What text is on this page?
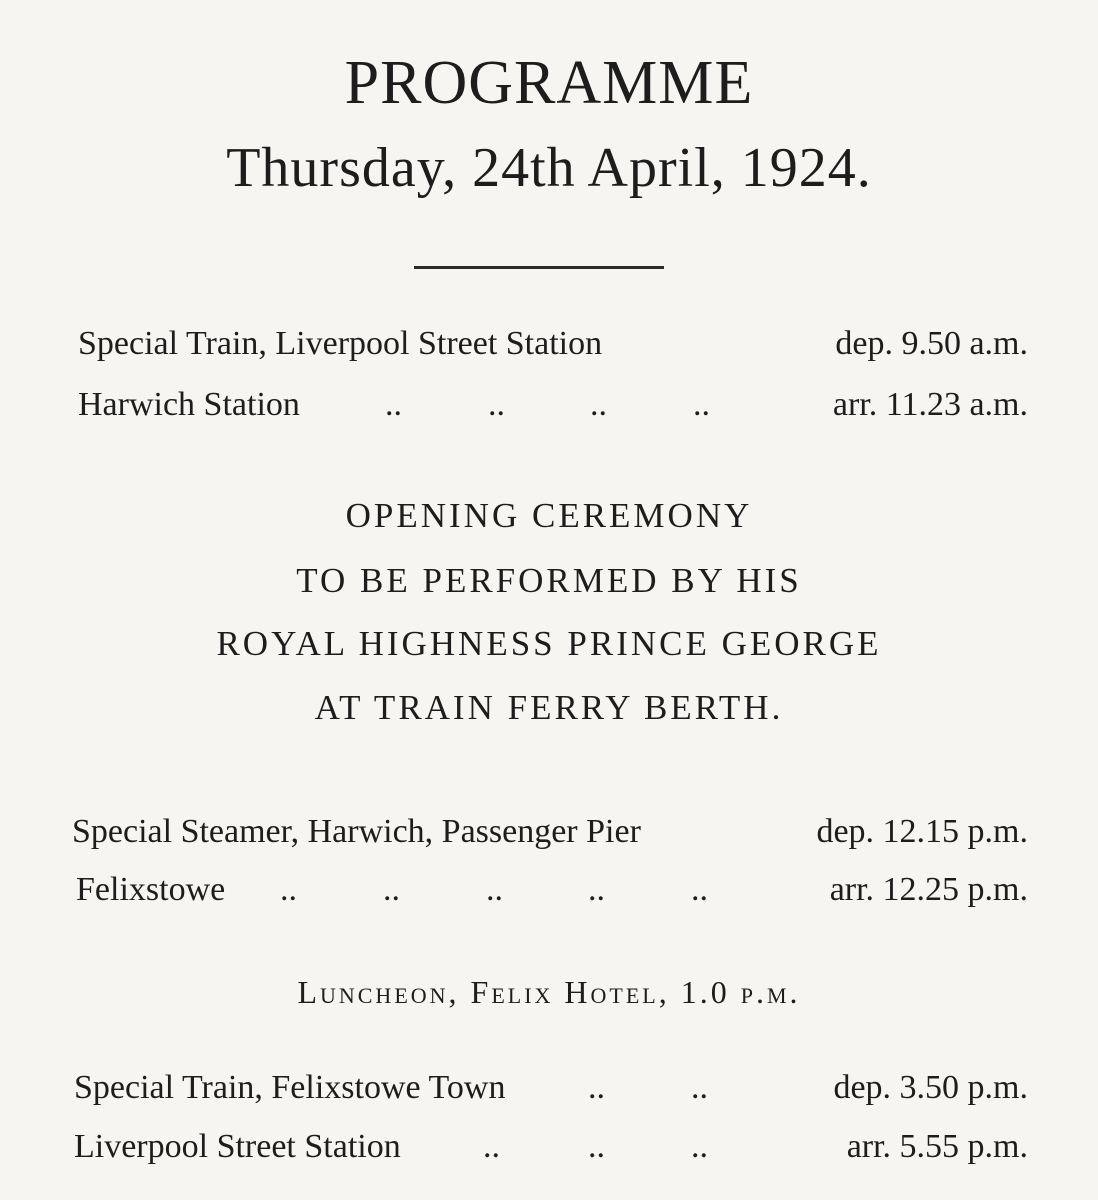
PROGRAMME
Thursday, 24th April, 1924.
Special Train, Liverpool Street Station	dep. 9.50 a.m.
Harwich Station	..	..	..	..	arr. 11.23 a.m.
OPENING CEREMONY
TO BE PERFORMED BY HIS
ROYAL HIGHNESS PRINCE GEORGE
AT TRAIN FERRY BERTH.
Special Steamer, Harwich, Passenger Pier	dep. 12.15 p.m.
Felixstowe ..	..	..	..	..	arr. 12.25 p.m.
Luncheon, Felix Hotel, 1.0 p.m.
Special Train, Felixstowe Town ..	..	dep. 3.50 p.m.
Liverpool Street Station ..	..	..	arr. 5.55 p.m.
